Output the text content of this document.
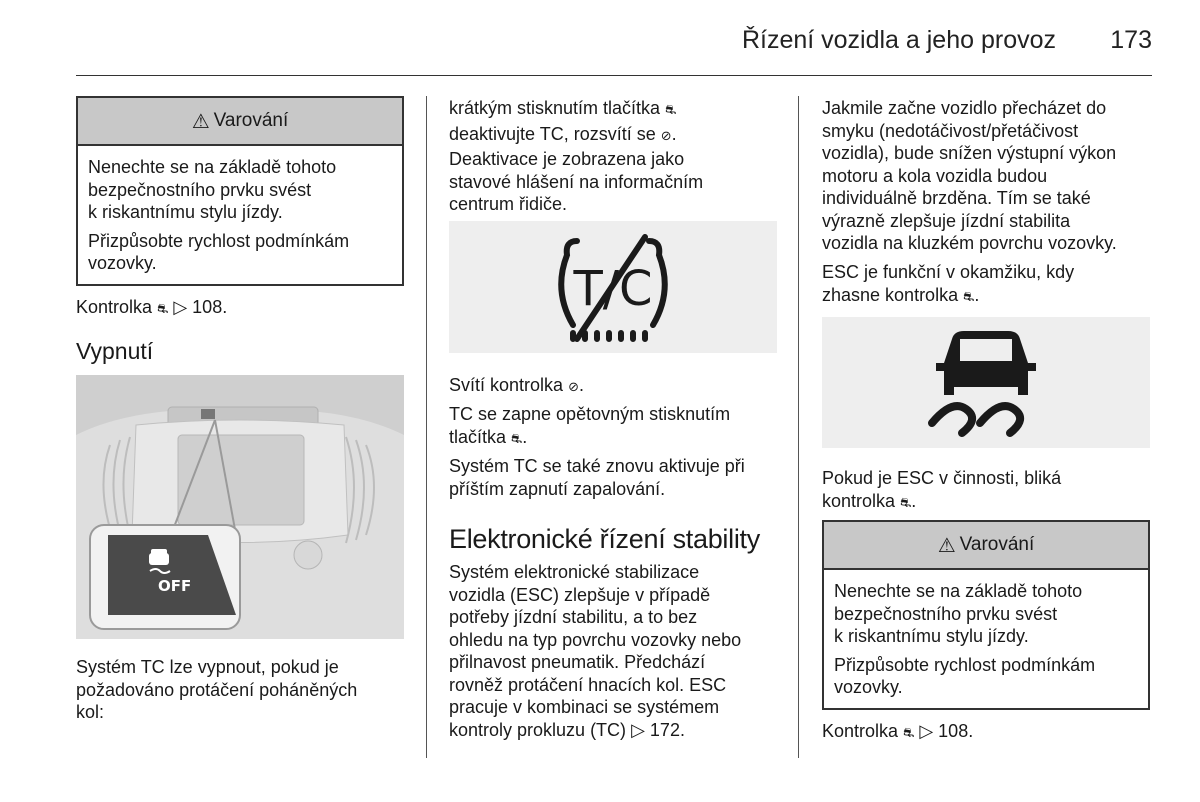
Řízení vozidla a jeho provoz	173
⚠ Varování

Nenechte se na základě tohoto
bezpečnostního prvku svést
k riskantnímu stylu jízdy.

Přizpůsobte rychlost podmínkám
vozovky.

Kontrolka ⛐ ▷ 108.

Vypnutí
OFF

Systém TC lze vypnout, pokud je
požadováno protáčení poháněných
kol:

krátkým stisknutím tlačítka ⛐
deaktivujte TC, rozsvítí se ⊘.
Deaktivace je zobrazena jako
stavové hlášení na informačním
centrum řidiče.

T/C

Svítí kontrolka ⊘.

TC se zapne opětovným stisknutím
tlačítka ⛐.

Systém TC se také znovu aktivuje při
příštím zapnutí zapalování.

Elektronické řízení stability

Systém elektronické stabilizace
vozidla (ESC) zlepšuje v případě
potřeby jízdní stabilitu, a to bez
ohledu na typ povrchu vozovky nebo
přilnavost pneumatik. Předchází
rovněž protáčení hnacích kol. ESC
pracuje v kombinaci se systémem
kontroly prokluzu (TC) ▷ 172.

Jakmile začne vozidlo přecházet do
smyku (nedotáčivost/přetáčivost
vozidla), bude snížen výstupní výkon
motoru a kola vozidla budou
individuálně brzděna. Tím se také
výrazně zlepšuje jízdní stabilita
vozidla na kluzkém povrchu vozovky.

ESC je funkční v okamžiku, kdy
zhasne kontrolka ⛐.

Pokud je ESC v činnosti, bliká
kontrolka ⛐.

⚠ Varování

Nenechte se na základě tohoto
bezpečnostního prvku svést
k riskantnímu stylu jízdy.

Přizpůsobte rychlost podmínkám
vozovky.

Kontrolka ⛐ ▷ 108.
